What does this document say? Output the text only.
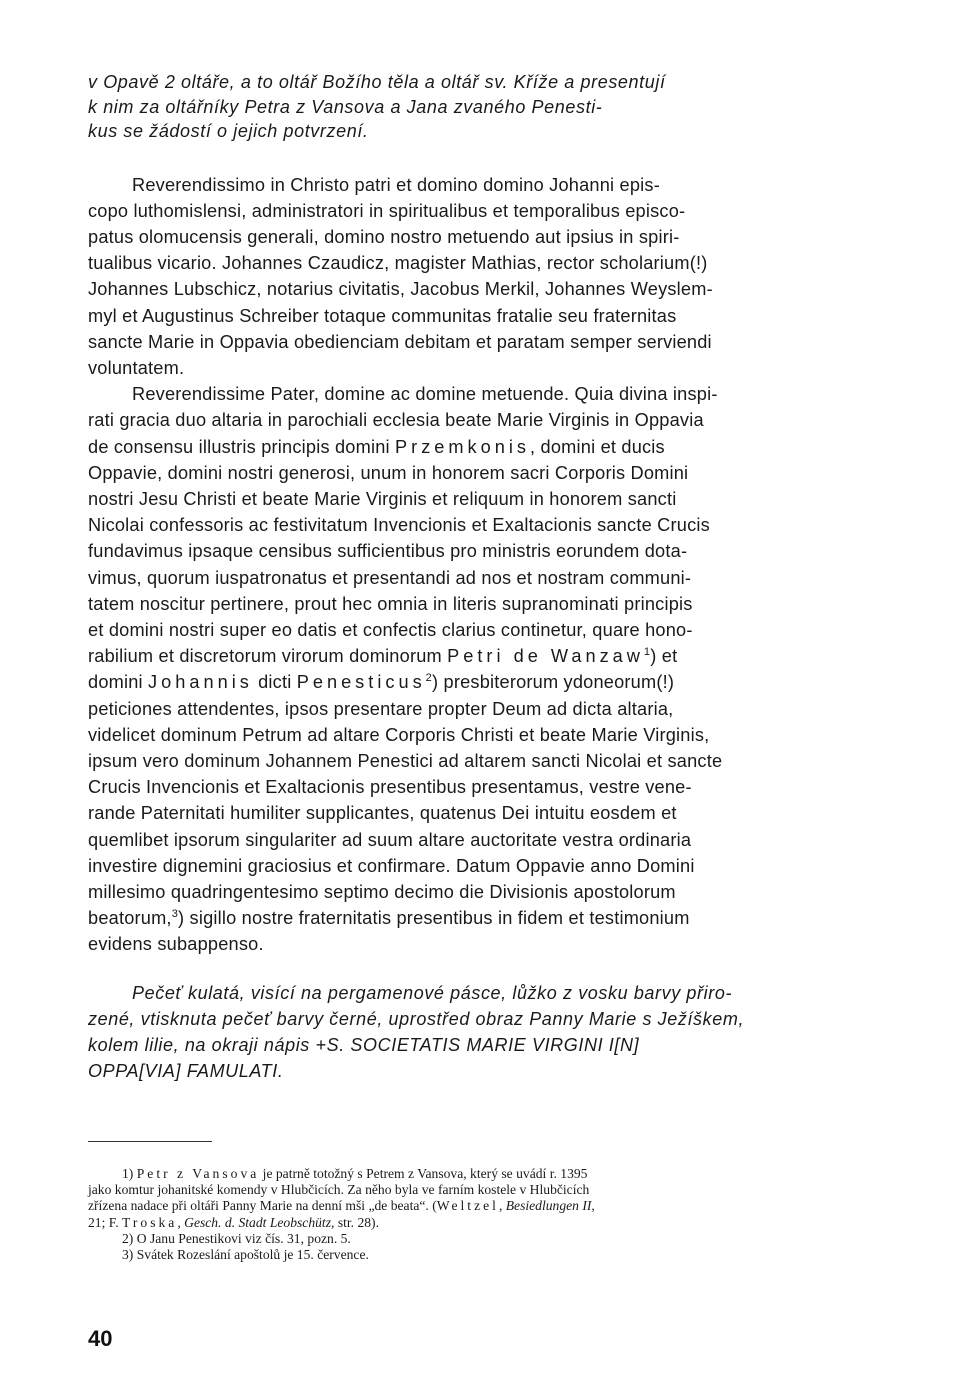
v Opavě 2 oltáře, a to oltář Božího těla a oltář sv. Kříže a presentují
k nim za oltářníky Petra z Vansova a Jana zvaného Penesti-
kus se žádostí o jejich potvrzení.
Reverendissimo in Christo patri et domino domino Johanni epis-
copo luthomislensi, administratori in spiritualibus et temporalibus episco-
patus olomucensis generali, domino nostro metuendo aut ipsius in spiri-
tualibus vicario. Johannes Czaudicz, magister Mathias, rector scholarium(!)
Johannes Lubschicz, notarius civitatis, Jacobus Merkil, Johannes Weyslem-
myl et Augustinus Schreiber totaque communitas fratalie seu fraternitas
sancte Marie in Oppavia obedienciam debitam et paratam semper serviendi
voluntatem.
Reverendissime Pater, domine ac domine metuende. Quia divina inspi-
rati gracia duo altaria in parochiali ecclesia beate Marie Virginis in Oppavia
de consensu illustris principis domini Przemkonis, domini et ducis
Oppavie, domini nostri generosi, unum in honorem sacri Corporis Domini
nostri Jesu Christi et beate Marie Virginis et reliquum in honorem sancti
Nicolai confessoris ac festivitatum Invencionis et Exaltacionis sancte Crucis
fundavimus ipsaque censibus sufficientibus pro ministris eorundem dota-
vimus, quorum iuspatronatus et presentandi ad nos et nostram communi-
tatem noscitur pertinere, prout hec omnia in literis supranominati principis
et domini nostri super eo datis et confectis clarius continetur, quare hono-
rabilium et discretorum virorum dominorum Petri de Wanzaw$^1$) et
domini Johannis dicti Penesticus$^2$) presbiterorum ydoneorum(!)
peticiones attendentes, ipsos presentare propter Deum ad dicta altaria,
videlicet dominum Petrum ad altare Corporis Christi et beate Marie Virginis,
ipsum vero dominum Johannem Penestici ad altarem sancti Nicolai et sancte
Crucis Invencionis et Exaltacionis presentibus presentamus, vestre vene-
rande Paternitati humiliter supplicantes, quatenus Dei intuitu eosdem et
quemlibet ipsorum singulariter ad suum altare auctoritate vestra ordinaria
investire dignemini graciosius et confirmare. Datum Oppavie anno Domini
millesimo quadringentesimo septimo decimo die Divisionis apostolorum
beatorum,$^3$) sigillo nostre fraternitatis presentibus in fidem et testimonium
evidens subappenso.
Pečeť kulatá, visící na pergamenové pásce, lůžko z vosku barvy přiro-
zené, vtisknuta pečeť barvy černé, uprostřed obraz Panny Marie s Ježíškem,
kolem lilie, na okraji nápis +S. SOCIETATIS MARIE VIRGINI I[N]
OPPA[VIA] FAMULATI.
1) Petr z Vansova je patrně totožný s Petrem z Vansova, který se uvádí r. 1395
jako komtur johanitské komendy v Hlubčicích. Za něho byla ve farním kostele v Hlubčicích
zřízena nadace při oltáři Panny Marie na denní mši „de beata“. (Weltzel, Besiedlungen II,
21; F. Troska, Gesch. d. Stadt Leobschütz, str. 28).
2) O Janu Penestikovi viz čís. 31, pozn. 5.
3) Svátek Rozeslání apoštolů je 15. července.
40
